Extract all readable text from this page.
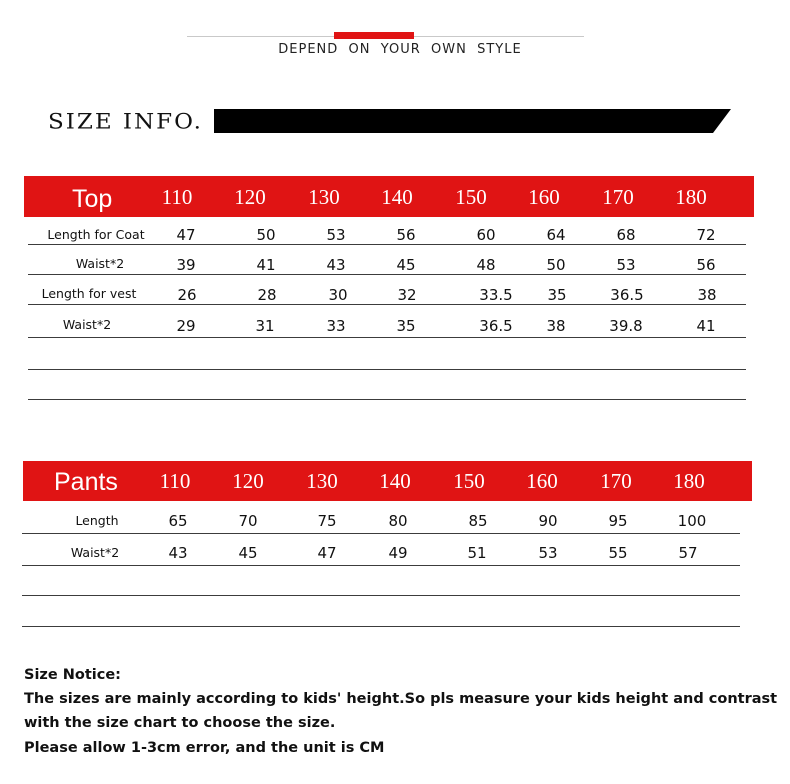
DEPEND  ON  YOUR  OWN  STYLE
SIZE INFO.
Top	110	120	130	140	150	160	170	180
Length for Coat	47	50	53	56	60	64	68	72
Waist*2	39	41	43	45	48	50	53	56
Length for vest	26	28	30	32	33.5	35	36.5	38
Waist*2	29	31	33	35	36.5	38	39.8	41
Pants	110	120	130	140	150	160	170	180
Length	65	70	75	80	85	90	95	100
Waist*2	43	45	47	49	51	53	55	57
Size Notice:
The sizes are mainly according to kids' height.So pls measure your kids height and contrast
with the size chart to choose the size.
Please allow 1-3cm error, and the unit is CM
